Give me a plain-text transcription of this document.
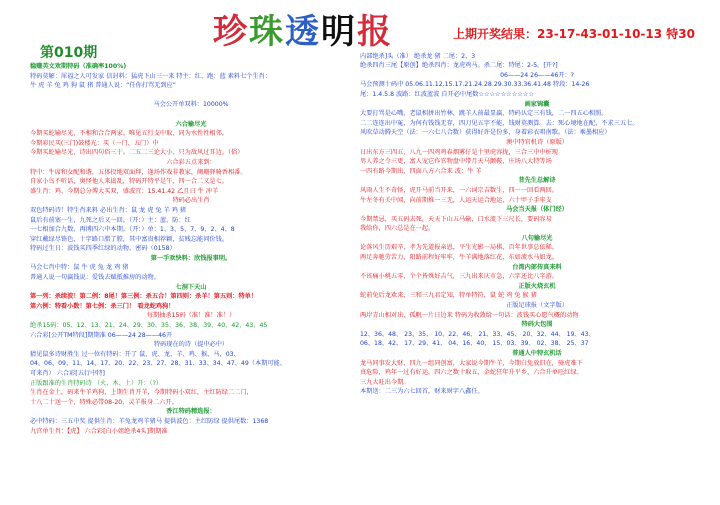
珍珠透明报	上期开奖结果：23-17-43-01-10-13 特30
第010期
稳赚英文欢期特码（准确率100%)
特码莫解：犀福之人可发家 信封料：猛虎下山三一来 特主：红、跑：蓝 素料七个生肖：
牛 虎 羊 兔 鸡 狗 鼠 猪 普通人说：“任你打骂无到应”
马会公开单双料：10000%
六合输尽光
今期买蛇输尽光，不相和合合两家。唯见五行支中取，同为水性性相邻。
今期彩民买(三门)鼓楼光：买（一门、五门）中
今期买蛇输尽光，诗出四句俗三于。二五二三论大小，只为敌风过耳边。（俗）
六合彩五点来到：
特中：牛席和女配和谐，五体投地双面拜，逢场作戏非教家，阑珊驿骑香相番。
自家小鸟不听话，奥怪他人来捣乱，特码开特平是午，四一合二又是七。
盛生肖：鸡、今期总分博大买双，盛波宜：15.41.42 乙且日 牛 冲羊
特码必出生肖
双色特码诗！特生肖来料 必出生肖：鼠 龙 虎 兔 羊 鸡 猪
鼠后有前塞一生，九死之后又一回。（开：）主：蓝、防：红
一七相加合九数，再博四六中本期。（开：）单：1、3、5、7、9、2、4、8
穿红戴绿尽铬色，十字路口腊了膛，其中富贵相荐颖，贫贱忘能问价钱。
特码过生日：波钱买四季红绿的动物。密码（0158）
第一手欢快料：欣钱报事明。
马会七肖中特：鼠 牛 虎 兔 龙 鸡 猪
普通人说一句赢钱说：爱钱去赋抵推房的动物。
七洞下天山
第一列：杀续波！第二例：8尾！第三例：杀五合！第四则：杀羊！第五则：特单！
第六例：特看小数！第七例：杀三门！ 看龙蛇鸡狗！
每期抽杀15码（准！准！准！）
绝杀15码：05、12、13、21、24、29、30、35、36、38、39、40、42、43、45
六合彩[公开TM特段]期期准 06——24 28——46开
特码现在的诗（提中必中）
猜见鼠多诗财胜生 过一位有特码：开了 鼠、虎、龙、羊、鸡、猴、马，03、
04、06、09、11、14、17、20、22、23、27、28、31、33、34、47、49（本期可能、
可来肖） 六合彩[五行中特]
正版跟准的生肖特码诗 （火、木、土）开：（?）
生肖在金土，码来牛羊鸡狗，上期生肖开羊，今期特码小双红，主红防绿二二门，
十八二十送一个，特殊必带08-20，灵羊报身二六开。
香江特码精选报：
必中特码：三五中奖 提供生肖：羊兔龙鸡羊猪马 提供波色：主红防绿 提供尾数：1368
九宫单生肖：【虎】 六合彩[白小姐绝杀4头]期期准
内部绝杀]头（准） 绝杀龙 猪 二尾：2、3
绝杀四肖三尾【原创】绝杀四肖：龙虎鸡马。杀二尾：特尾：2-5。[开?]
06——24 26——46开：?
马会预测十码中 05.06.11.12.15.17.21.24.28.29.30.33.36.41.48 特段：14-26
尾：1.4.5.8 波路：红波蓝波 自开必中尾数☆☆☆☆☆☆☆☆☆☆
画家锦囊
大要打骂是心嘴，老鼠相拼出竹林，跳羊人前最显赢，特码认定三有钱，二一四五心相照。
二二连连出中冤，为何有钱钱无存，四刀见五字不能，钱财莫测算。去：死心境地在配，不求三五七。
风吹草动腾天空（法：一六七八合数）获得好许是份多，身着彩衣唱南歌。（法：乘墨相应）
澳中特官机诗（原版）
日出东方三四五，八九一四鸡鸡春烟雾仔是十里虎容拢，三合三中中桩现
男人养之令三更，富人宠它作官物盘中带月天马颤鞍，庄场八大特等场
一四有路今期出，四面八方六合来 波：牛 羊
昔先生总解诗
风雨人生不奇怪，虎开马前当开来，一六词宗吉数生，四一一回看两回。
牛左冬有关中闻，向前期推一三无，人运天运合地运，六十甲子手牢支
马会当天报（体门经）
今期禁忌，买五码去死，天天下山五马输，口水流下三尺长，要码容易
我给你，四六总是在一起。
八句输尽光
论落风生历艰辛，孝为先道报亲恩，平生光影一局棋，百年世事总依稀。
两足奔驰劳苦力，阳路前程好牢牢，牛羊满地落红花，东如流水马如龙。
台湾内部传真来料
不该痛小桃五零，个个皆殊好吉气，三九出来庆市急，六字还比八字游。
正版火烧玄机
蛇前兔后龙欢来，三和三九君定知，特单特符，鼠 蛇 鸡 兔 猴 猪
正版足球报（文字版）
两岸青山相对出，孤帆一片日边来 特码为收敛给一句话：波钱买心愿气概的动物
特码大包围
12、36、48、 23、35、 10、22、46、 21、33、45、 20、32、44、 19、43、
06、18、42、 17、29、41、 04、16、40、 15、03、39、 02、38、 25、37
普通人中特玄机话
龙马同事发大财，四九一组同创富，大家说今期牛羊，今期白兔放旧在，骑虎难下
真危险，鸡年一过有好运，四六之数十取五，金蛇狂年升平乡，六合升单旺红绿。
三九大旺出今期。
本期送：二三为六七回首，财来财字八鑫任。
